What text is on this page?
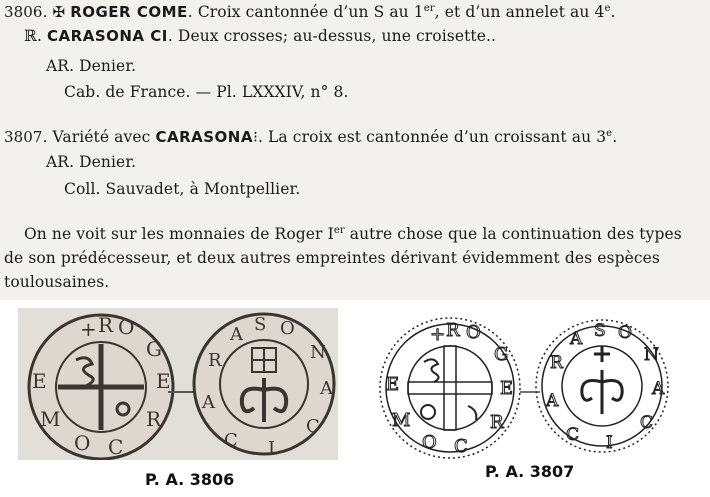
3806. ✠ ROGER COME. Croix cantonnée d’un S au 1er, et d’un annelet au 4e.
ℝ. CARASONA CI. Deux crosses; au-dessus, une croisette..
AR. Denier.
Cab. de France. — Pl. LXXXIV, n° 8.
3807. Variété avec CARASONA⁝. La croix est cantonnée d’un croissant au 3e.
AR. Denier.
Coll. Sauvadet, à Montpellier.
On ne voit sur les monnaies de Roger Ier autre chose que la continuation des types
de son prédécesseur, et deux autres empreintes dérivant évidemment des espèces
toulousaines.
+ R O
G
E
R
C
O
M
E
S O
N
A
C
I
C
A
R
A	+ R O
G
E
R
C
O
M
E
S O
N
A
C
I
C
A
R
A
P. A. 3806	P. A. 3807
